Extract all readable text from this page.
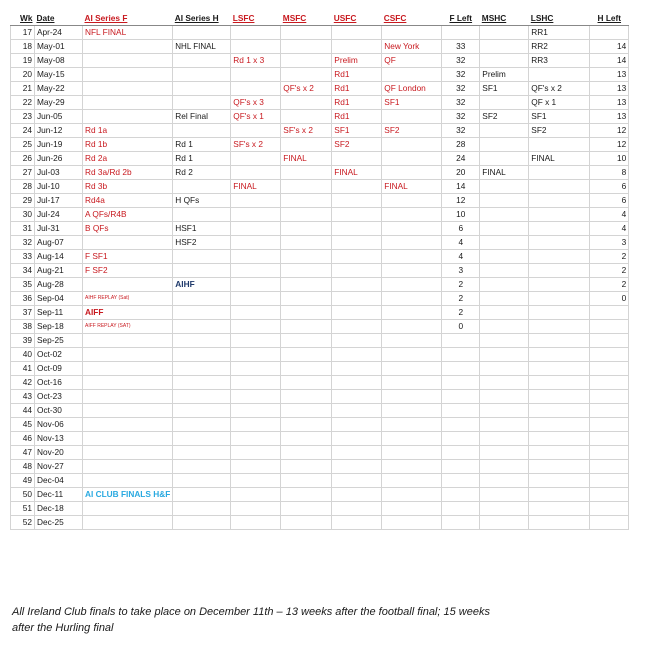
Wk	Date	AI Series F	AI Series H	LSFC	MSFC	USFC	CSFC	F Left	MSHC	LSHC	H Left
17	Apr-24	NFL FINAL								RR1	
18	May-01		NHL FINAL				New York	33		RR2	14
19	May-08			Rd 1 x 3		Prelim	QF	32		RR3	14
20	May-15					Rd1		32	Prelim		13
21	May-22				QF's x 2	Rd1	QF London	32	SF1	QF's x 2	13
22	May-29			QF's x 3		Rd1	SF1	32		QF x 1	13
23	Jun-05		Rel Final	QF's x 1		Rd1		32	SF2	SF1	13
24	Jun-12	Rd 1a			SF's x 2	SF1	SF2	32		SF2	12
25	Jun-19	Rd 1b	Rd 1	SF's x 2		SF2		28			12
26	Jun-26	Rd 2a	Rd 1		FINAL			24		FINAL	10
27	Jul-03	Rd 3a/Rd 2b	Rd 2			FINAL		20	FINAL		8
28	Jul-10	Rd 3b		FINAL			FINAL	14			6
29	Jul-17	Rd4a	H QFs					12			6
30	Jul-24	A QFs/R4B						10			4
31	Jul-31	B QFs	HSF1					6			4
32	Aug-07		HSF2					4			3
33	Aug-14	F SF1						4			2
34	Aug-21	F SF2						3			2
35	Aug-28		AIHF					2			2
36	Sep-04	AIHF REPLAY (Sat)						2			0
37	Sep-11	AIFF						2			
38	Sep-18	AIFF REPLAY (SAT)						0			
39	Sep-25										
40	Oct-02										
41	Oct-09										
42	Oct-16										
43	Oct-23										
44	Oct-30										
45	Nov-06										
46	Nov-13										
47	Nov-20										
48	Nov-27										
49	Dec-04										
50	Dec-11	AI CLUB FINALS H&F									
51	Dec-18										
52	Dec-25										
All Ireland Club finals to take place on December 11th – 13 weeks after the football final; 15 weeks
after the Hurling final
